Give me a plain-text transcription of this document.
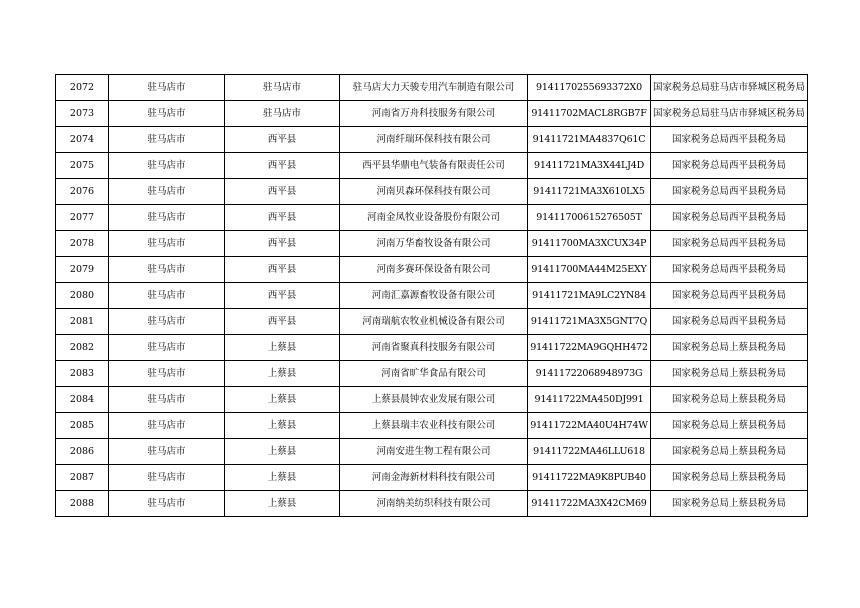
2072	驻马店市	驻马店市	驻马店大力天骏专用汽车制造有限公司	9141170255693372X0	国家税务总局驻马店市驿城区税务局
2073	驻马店市	驻马店市	河南省万舟科技服务有限公司	91411702MACL8RGB7F	国家税务总局驻马店市驿城区税务局
2074	驻马店市	西平县	河南纤瑞环保科技有限公司	91411721MA4837Q61C	国家税务总局西平县税务局
2075	驻马店市	西平县	西平县华鼎电气装备有限责任公司	91411721MA3X44LJ4D	国家税务总局西平县税务局
2076	驻马店市	西平县	河南贝森环保科技有限公司	91411721MA3X610LX5	国家税务总局西平县税务局
2077	驻马店市	西平县	河南金凤牧业设备股份有限公司	91411700615276505T	国家税务总局西平县税务局
2078	驻马店市	西平县	河南万华畜牧设备有限公司	91411700MA3XCUX34P	国家税务总局西平县税务局
2079	驻马店市	西平县	河南多赛环保设备有限公司	91411700MA44M25EXY	国家税务总局西平县税务局
2080	驻马店市	西平县	河南汇嘉源畜牧设备有限公司	91411721MA9LC2YN84	国家税务总局西平县税务局
2081	驻马店市	西平县	河南瑞航农牧业机械设备有限公司	91411721MA3X5GNT7Q	国家税务总局西平县税务局
2082	驻马店市	上蔡县	河南省聚真科技服务有限公司	91411722MA9GQHH472	国家税务总局上蔡县税务局
2083	驻马店市	上蔡县	河南省旷华食品有限公司	91411722068948973G	国家税务总局上蔡县税务局
2084	驻马店市	上蔡县	上蔡县晨钟农业发展有限公司	91411722MA450DJ991	国家税务总局上蔡县税务局
2085	驻马店市	上蔡县	上蔡县瑞丰农业科技有限公司	91411722MA40U4H74W	国家税务总局上蔡县税务局
2086	驻马店市	上蔡县	河南安进生物工程有限公司	91411722MA46LLU618	国家税务总局上蔡县税务局
2087	驻马店市	上蔡县	河南金海新材料科技有限公司	91411722MA9K8PUB40	国家税务总局上蔡县税务局
2088	驻马店市	上蔡县	河南纳美纺织科技有限公司	91411722MA3X42CM69	国家税务总局上蔡县税务局
